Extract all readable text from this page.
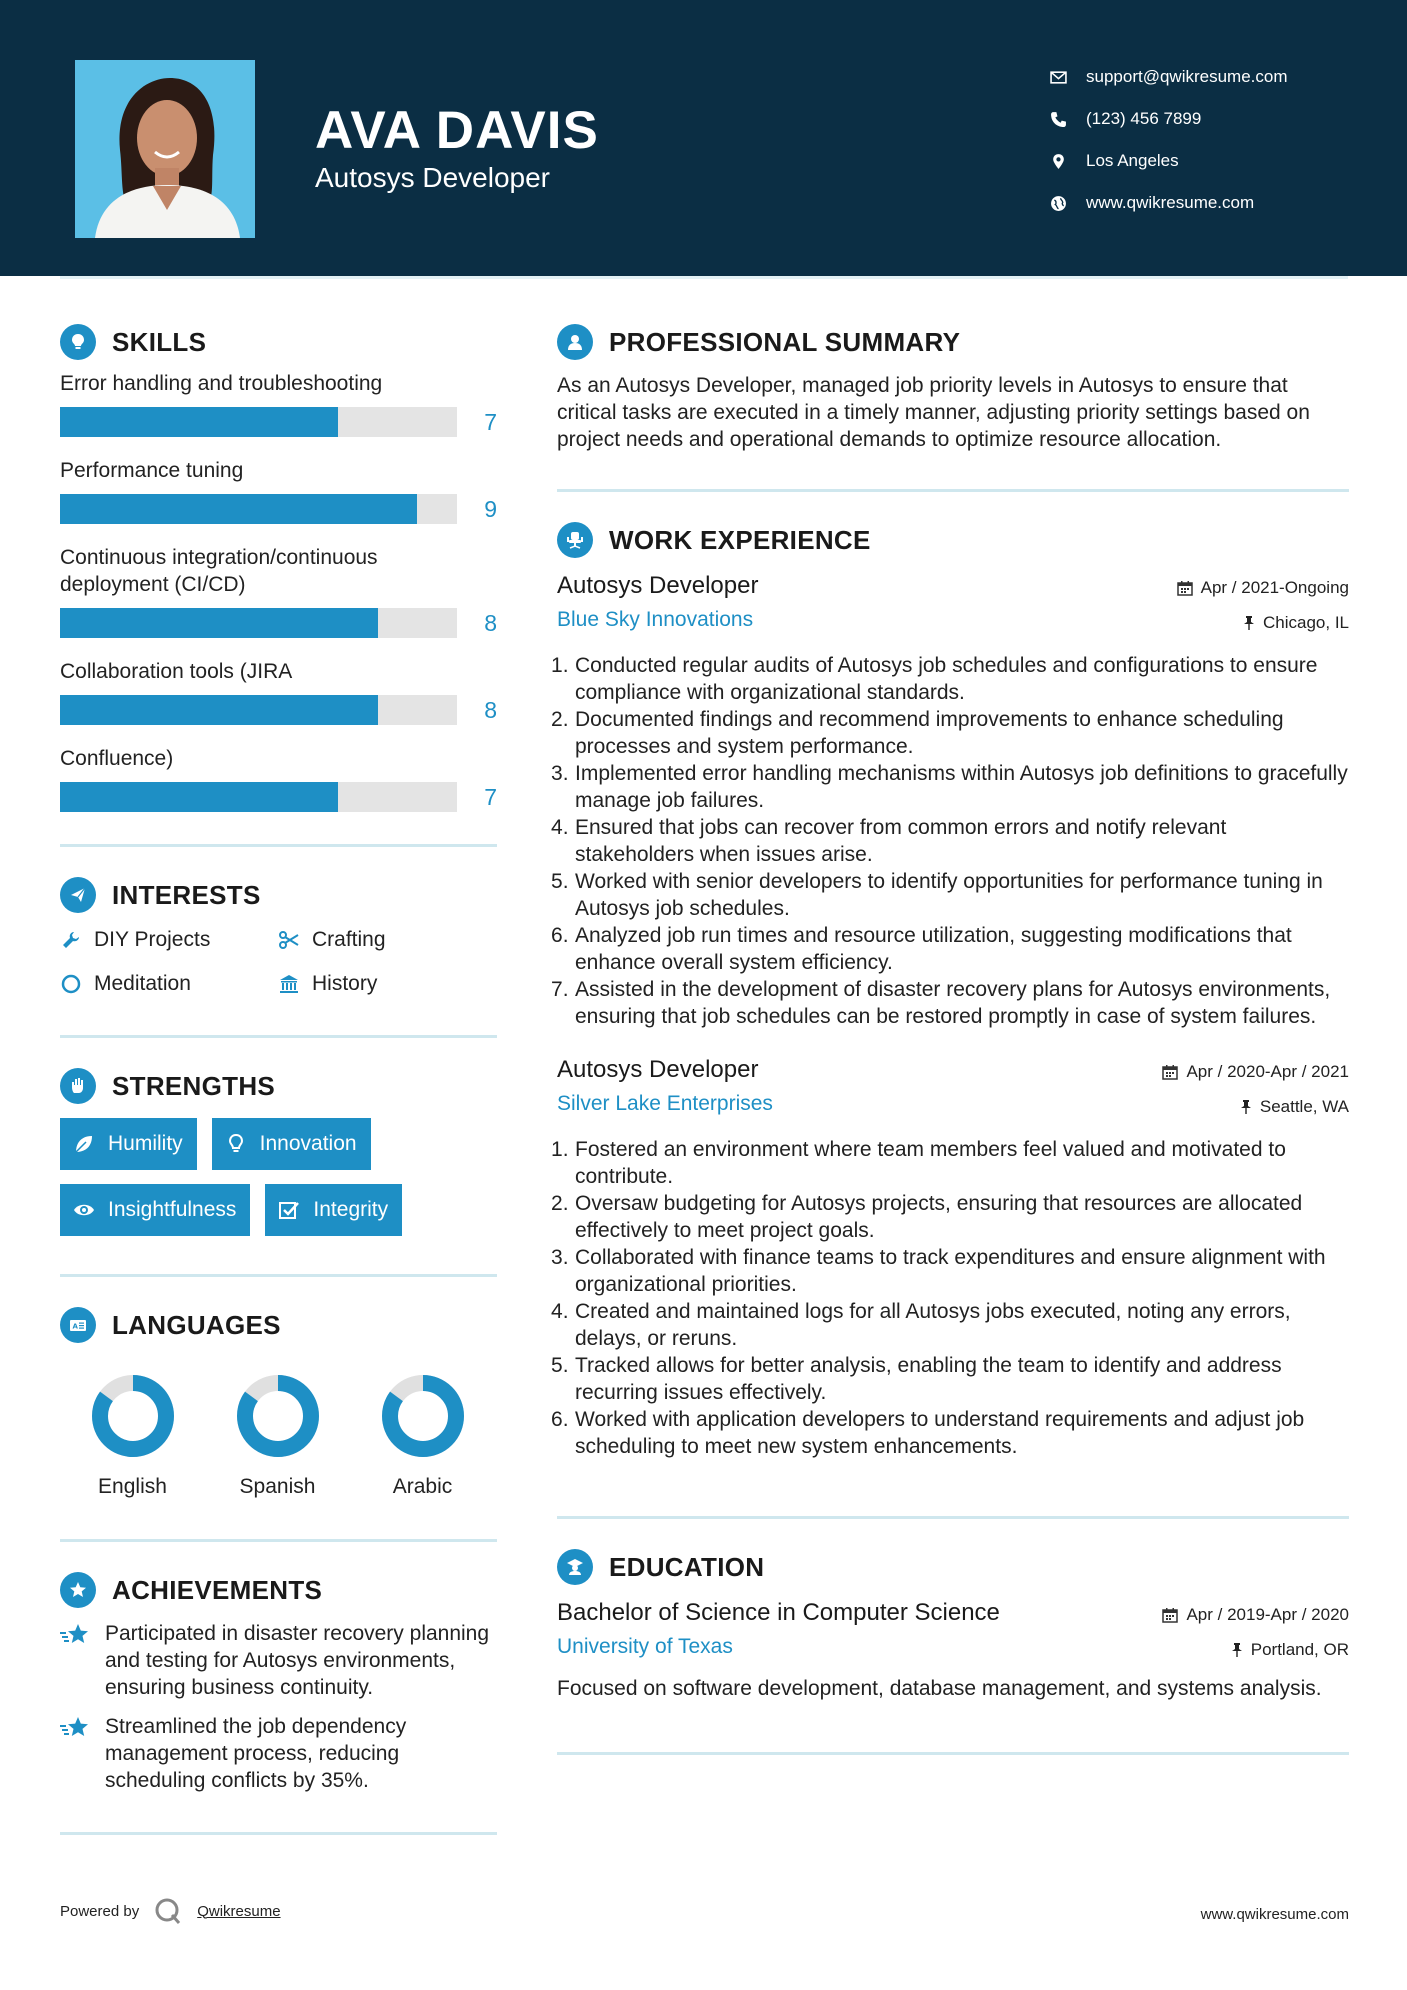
AVA DAVIS
Autosys Developer
support@qwikresume.com
(123) 456 7899
Los Angeles
www.qwikresume.com
SKILLS
Error handling and troubleshooting
7
Performance tuning
9
Continuous integration/continuous deployment (CI/CD)
8
Collaboration tools (JIRA
8
Confluence)
7
INTERESTS
DIY Projects	Crafting
Meditation	History
STRENGTHS
Humility	Innovation
Insightfulness	Integrity
A LANGUAGES
English	Spanish	Arabic
ACHIEVEMENTS

Participated in disaster recovery planning and testing for Autosys environments, ensuring business continuity.

Streamlined the job dependency management process, reducing scheduling conflicts by 35%.

PROFESSIONAL SUMMARY

As an Autosys Developer, managed job priority levels in Autosys to ensure that critical tasks are executed in a timely manner, adjusting priority settings based on project needs and operational demands to optimize resource allocation.

WORK EXPERIENCE
Autosys Developer	Apr / 2021-Ongoing
Blue Sky Innovations	Chicago, IL
Conducted regular audits of Autosys job schedules and configurations to ensure compliance with organizational standards.
Documented findings and recommend improvements to enhance scheduling processes and system performance.
Implemented error handling mechanisms within Autosys job definitions to gracefully manage job failures.
Ensured that jobs can recover from common errors and notify relevant stakeholders when issues arise.
Worked with senior developers to identify opportunities for performance tuning in Autosys job schedules.
Analyzed job run times and resource utilization, suggesting modifications that enhance overall system efficiency.
Assisted in the development of disaster recovery plans for Autosys environments, ensuring that job schedules can be restored promptly in case of system failures.
Autosys Developer	Apr / 2020-Apr / 2021
Silver Lake Enterprises	Seattle, WA
Fostered an environment where team members feel valued and motivated to contribute.
Oversaw budgeting for Autosys projects, ensuring that resources are allocated effectively to meet project goals.
Collaborated with finance teams to track expenditures and ensure alignment with organizational priorities.
Created and maintained logs for all Autosys jobs executed, noting any errors, delays, or reruns.
Tracked allows for better analysis, enabling the team to identify and address recurring issues effectively.
Worked with application developers to understand requirements and adjust job scheduling to meet new system enhancements.
EDUCATION
Bachelor of Science in Computer Science	Apr / 2019-Apr / 2020
University of Texas	Portland, OR

Focused on software development, database management, and systems analysis.

Powered by	Qwikresume	www.qwikresume.com
